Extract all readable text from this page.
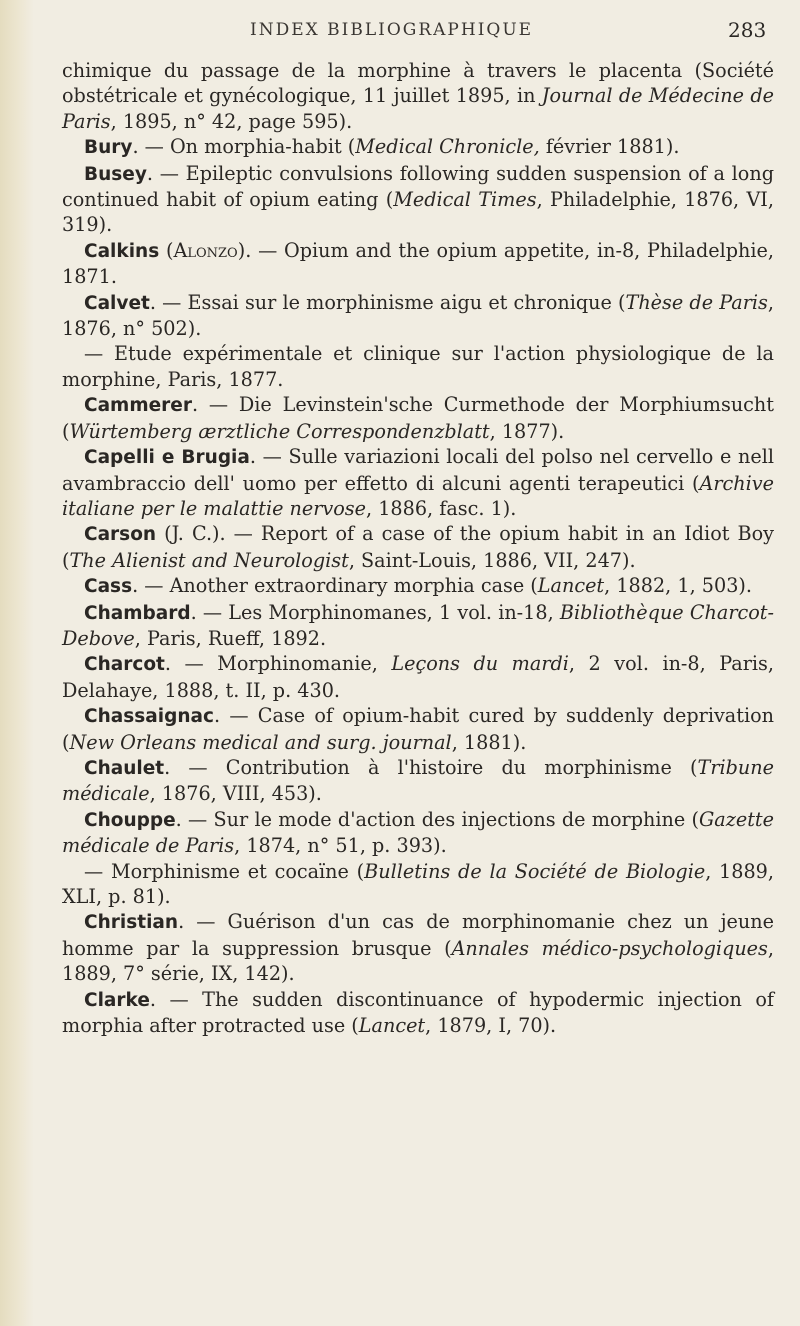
INDEX BIBLIOGRAPHIQUE	283
chimique du passage de la morphine à travers le placenta (Société obstétricale et gynécologique, 11 juillet 1895, in Journal de Médecine de Paris, 1895, n° 42, page 595).
Bury. — On morphia-habit (Medical Chronicle, février 1881).
Busey. — Epileptic convulsions following sudden suspension of a long continued habit of opium eating (Medical Times, Philadelphie, 1876, VI, 319).
Calkins (Alonzo). — Opium and the opium appetite, in-8, Philadelphie, 1871.
Calvet. — Essai sur le morphinisme aigu et chronique (Thèse de Paris, 1876, n° 502).
— Etude expérimentale et clinique sur l'action physiologique de la morphine, Paris, 1877.
Cammerer. — Die Levinstein'sche Curmethode der Morphiumsucht (Würtemberg ærztliche Correspondenzblatt, 1877).
Capelli e Brugia. — Sulle variazioni locali del polso nel cervello e nell avambraccio dell' uomo per effetto di alcuni agenti terapeutici (Archive italiane per le malattie nervose, 1886, fasc. 1).
Carson (J. C.). — Report of a case of the opium habit in an Idiot Boy (The Alienist and Neurologist, Saint-Louis, 1886, VII, 247).
Cass. — Another extraordinary morphia case (Lancet, 1882, 1, 503).
Chambard. — Les Morphinomanes, 1 vol. in-18, Bibliothèque Charcot-Debove, Paris, Rueff, 1892.
Charcot. — Morphinomanie, Leçons du mardi, 2 vol. in-8, Paris, Delahaye, 1888, t. II, p. 430.
Chassaignac. — Case of opium-habit cured by suddenly deprivation (New Orleans medical and surg. journal, 1881).
Chaulet. — Contribution à l'histoire du morphinisme (Tribune médicale, 1876, VIII, 453).
Chouppe. — Sur le mode d'action des injections de morphine (Gazette médicale de Paris, 1874, n° 51, p. 393).
— Morphinisme et cocaïne (Bulletins de la Société de Biologie, 1889, XLI, p. 81).
Christian. — Guérison d'un cas de morphinomanie chez un jeune homme par la suppression brusque (Annales médico-psychologiques, 1889, 7° série, IX, 142).
Clarke. — The sudden discontinuance of hypodermic injection of morphia after protracted use (Lancet, 1879, I, 70).
